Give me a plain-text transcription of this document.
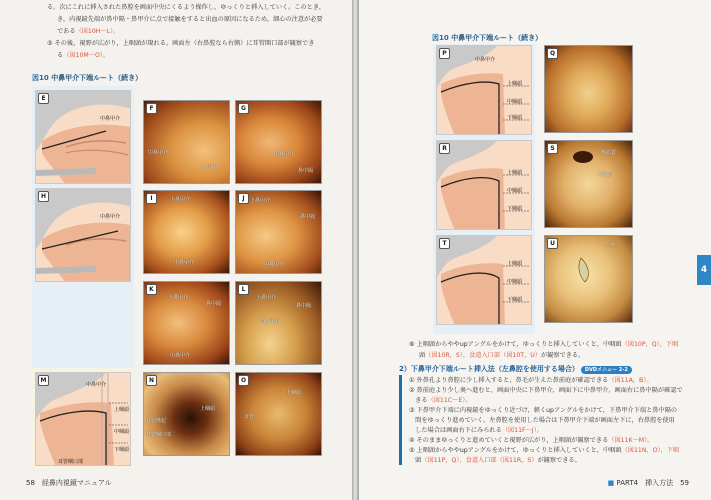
る。次にこれに挿入された鼻腔を画面中央にくるよう操作し，ゆっくりと挿入していく。このとき，
き，内視鏡先端が鼻中隔・鼻甲介に点で接触をすると出血の原因になるため，細心の注意が必要
である（図10H〜L）。
⑤ その後，視野が広がり，上咽頭が現れる。画面左（右鼻腔なら右側）に耳管開口部が観察でき
る（図10M〜O）。
図10 中鼻甲介下端ルート（続き）
E
中鼻甲介
H
中鼻甲介
M
中鼻甲介
上咽頭
中咽頭
下咽頭
耳管咽口部
F
中鼻甲介
鼻中隔
G
中鼻甲介
鼻中隔
I	上鼻甲介
中鼻甲介
J	上鼻甲介
鼻中隔
中鼻甲介
K
上鼻甲介
鼻中隔
中鼻甲介
L
上鼻甲介
鼻中隔
中鼻甲介
N
耳管隆起
耳管咽口部
上咽頭
O
耳管
上咽頭
58　 経鼻内視鏡マニュアル
図10 中鼻甲介下端ルート（続き）
P
中鼻甲介
上咽頭
中咽頭
下咽頭
R
上咽頭
中咽頭
下咽頭
T
上咽頭
中咽頭
下咽頭
Q
S
喉頭蓋
下咽頭
U	声帯
⑥ 上咽頭からややupアングルをかけて，ゆっくりと挿入していくと，中咽頭（図10P，Q），下咽
頭（図10R，S），食道入口部（図10T，U）が観察できる。
2）下鼻甲介下端ルート挿入法（左鼻腔を使用する場合） DVDメニュー 2-2
① 外鼻孔より鼻腔に少し挿入すると，鼻毛が生えた鼻前庭が確認できる（図11A，B）。
② 鼻前庭より少し奥へ進むと，画面中央に下鼻甲介，画面下に中鼻甲介，画面右に鼻中隔が確認で
　きる（図11C〜E）。
③ 下鼻甲介下端に内視鏡をゆっくり近づけ，軽くupアングルをかけて，下鼻甲介下端と鼻中隔の
　間をゆっくり進めていく。左鼻腔を使用した場合は下鼻甲介下端が画面左下に，右鼻腔を使用
　した場合は画面右下にみられる（図11F〜J）。
④ そのままゆっくりと進めていくと視野が広がり，上咽頭が観察できる（図11K〜M）。
⑤ 上咽頭からややupアングルをかけて，ゆっくりと挿入していくと，中咽頭（図11N，O），下咽
　頭（図11P，Q），食道入口部（図11R，S）が観察できる。
4
■ PART4　 挿入方法　 59
